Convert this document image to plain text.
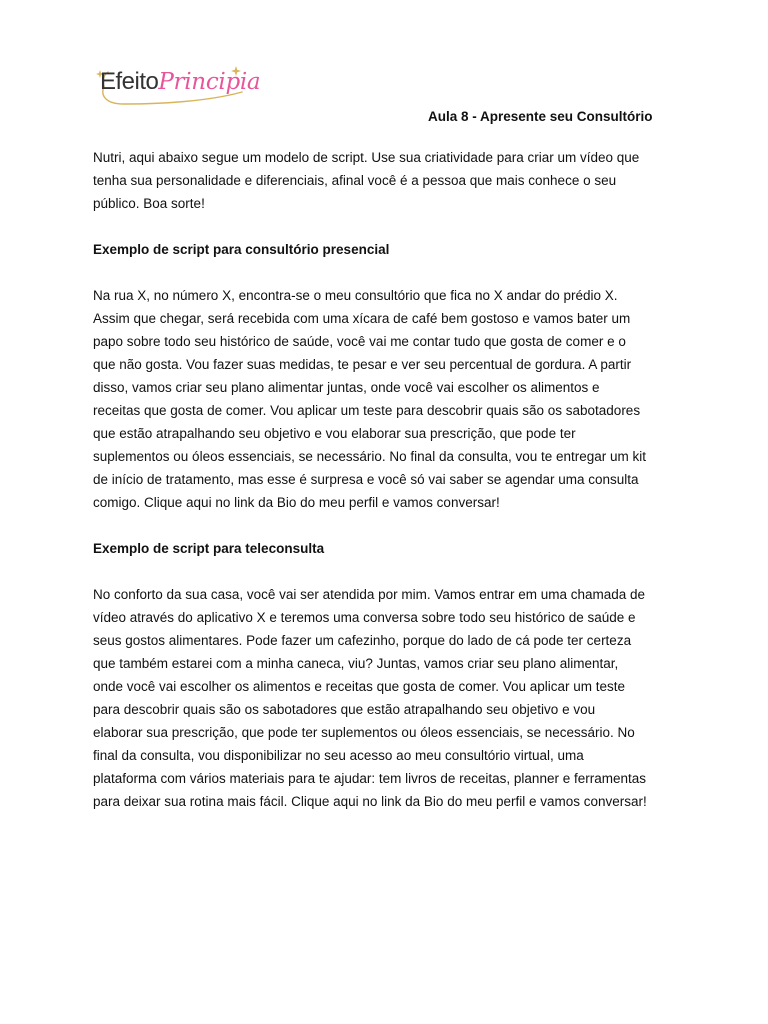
EfeitoPrincipia
Aula 8 - Apresente seu Consultório

Nutri, aqui abaixo segue um modelo de script. Use sua criatividade para criar um vídeo que
tenha sua personalidade e diferenciais, afinal você é a pessoa que mais conhece o seu
público. Boa sorte!

Exemplo de script para consultório presencial

Na rua X, no número X, encontra-se o meu consultório que fica no X andar do prédio X.
Assim que chegar, será recebida com uma xícara de café bem gostoso e vamos bater um
papo sobre todo seu histórico de saúde, você vai me contar tudo que gosta de comer e o
que não gosta. Vou fazer suas medidas, te pesar e ver seu percentual de gordura. A partir
disso, vamos criar seu plano alimentar juntas, onde você vai escolher os alimentos e
receitas que gosta de comer. Vou aplicar um teste para descobrir quais são os sabotadores
que estão atrapalhando seu objetivo e vou elaborar sua prescrição, que pode ter
suplementos ou óleos essenciais, se necessário. No final da consulta, vou te entregar um kit
de início de tratamento, mas esse é surpresa e você só vai saber se agendar uma consulta
comigo. Clique aqui no link da Bio do meu perfil e vamos conversar!

Exemplo de script para teleconsulta

No conforto da sua casa, você vai ser atendida por mim. Vamos entrar em uma chamada de
vídeo através do aplicativo X e teremos uma conversa sobre todo seu histórico de saúde e
seus gostos alimentares. Pode fazer um cafezinho, porque do lado de cá pode ter certeza
que também estarei com a minha caneca, viu? Juntas, vamos criar seu plano alimentar,
onde você vai escolher os alimentos e receitas que gosta de comer. Vou aplicar um teste
para descobrir quais são os sabotadores que estão atrapalhando seu objetivo e vou
elaborar sua prescrição, que pode ter suplementos ou óleos essenciais, se necessário. No
final da consulta, vou disponibilizar no seu acesso ao meu consultório virtual, uma
plataforma com vários materiais para te ajudar: tem livros de receitas, planner e ferramentas
para deixar sua rotina mais fácil. Clique aqui no link da Bio do meu perfil e vamos conversar!
